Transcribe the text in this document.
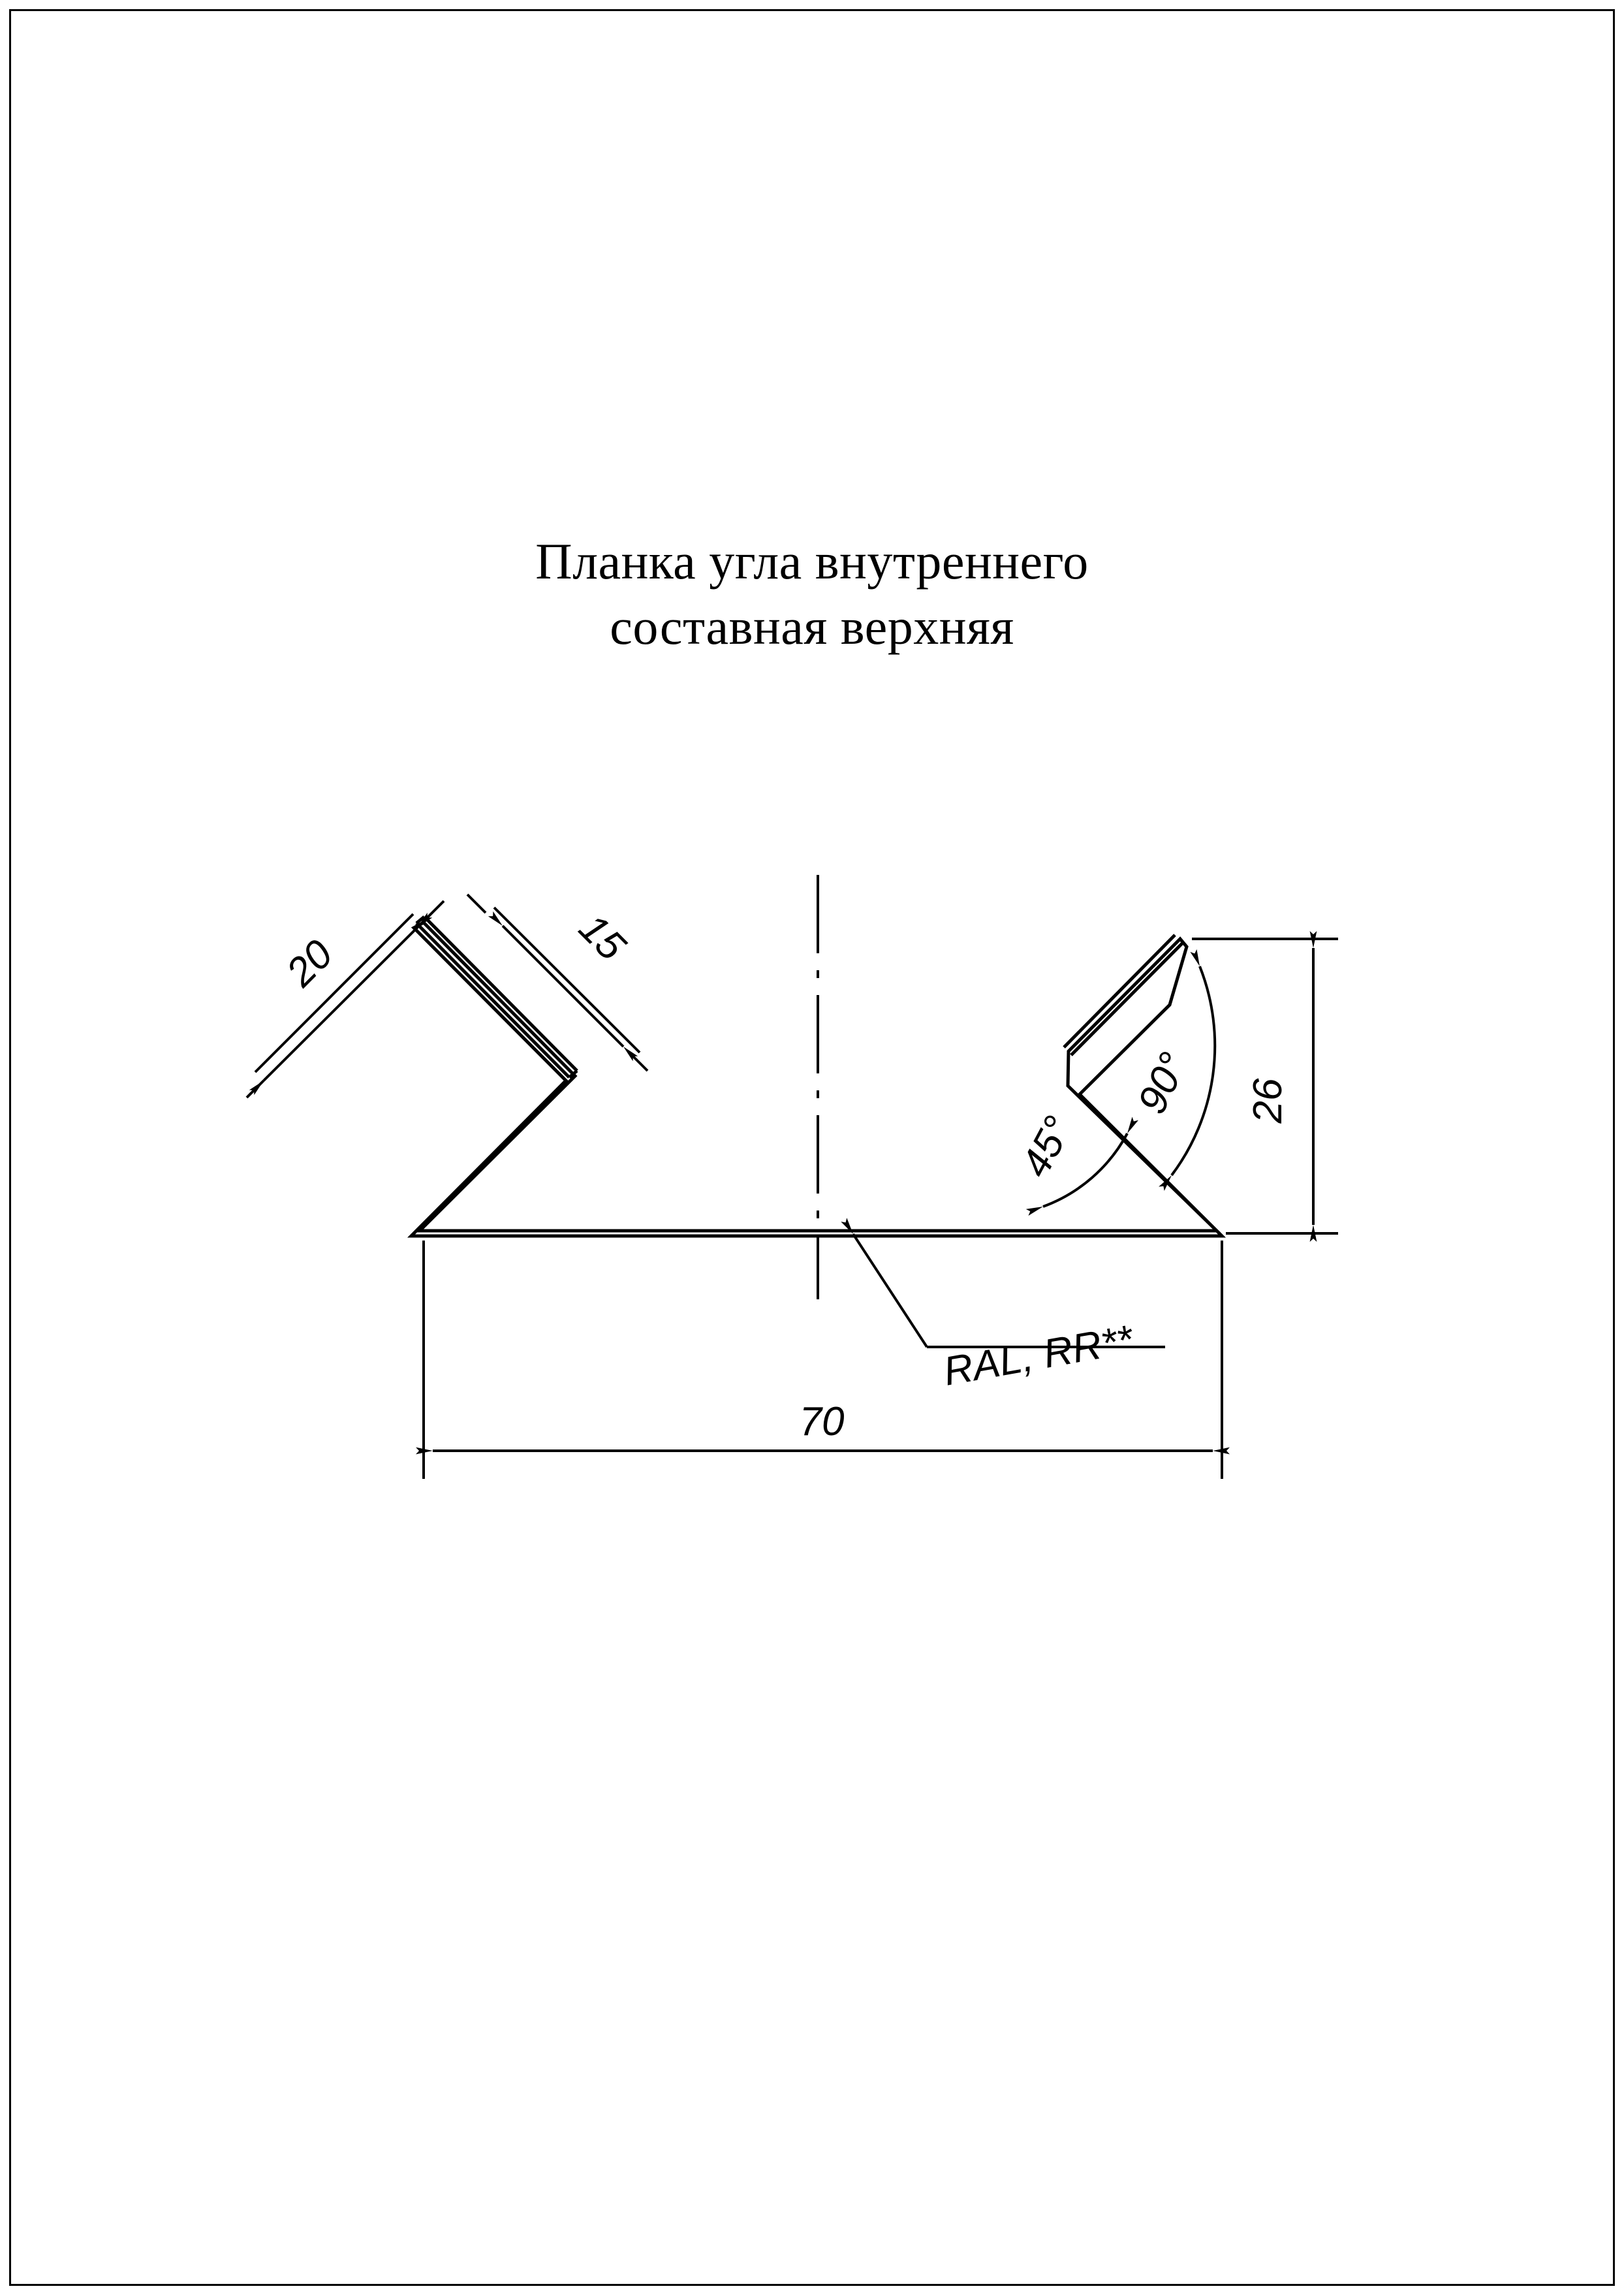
Планка угла внутреннего
составная верхняя
20	15
26
70
90°
45°
RAL, RR**
